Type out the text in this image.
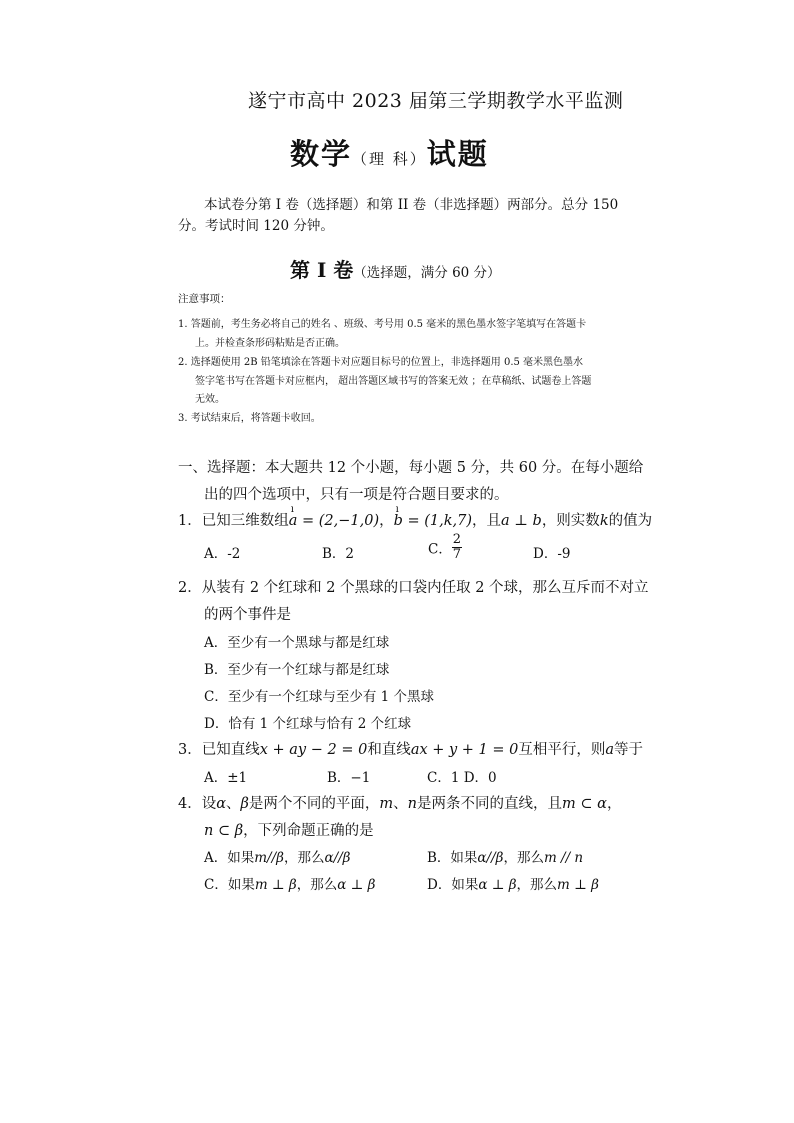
遂宁市高中 2023 届第三学期教学水平监测
数学（理 科）试题
本试卷分第 I 卷（选择题）和第 II 卷（非选择题）两部分。总分 150
分。考试时间 120 分钟。
第 I 卷（选择题，满分 60 分）
注意事项：
1. 答题前，考生务必将自己的姓名 、班级、考号用 0.5 毫米的黑色墨水签字笔填写在答题卡
上。并检查条形码粘贴是否正确。
2. 选择题使用 2B 铅笔填涂在答题卡对应题目标号的位置上，非选择题用 0.5 毫米黑色墨水
签字笔书写在答题卡对应框内， 超出答题区域书写的答案无效 ；在草稿纸、试题卷上答题
无效。
3. 考试结束后，将答题卡收回。
一、选择题：本大题共 12 个小题，每小题 5 分，共 60 分。在每小题给
出的四个选项中，只有一项是符合题目要求的。
1．已知三维数组ı a = (2,−1,0)，ı b = (1,k,7)，且a ⊥ b，则实数k的值为
A．-2	B．2	C． $\frac{2}{7}$	D．-9
2．从装有 2 个红球和 2 个黑球的口袋内任取 2 个球，那么互斥而不对立
的两个事件是
A．至少有一个黑球与都是红球
B．至少有一个红球与都是红球
C．至少有一个红球与至少有 1 个黑球
D．恰有 1 个红球与恰有 2 个红球
3．已知直线x + ay − 2 = 0和直线ax + y + 1 = 0互相平行，则a等于
A．±1	B．−1	C．1 D．0
4．设α、β是两个不同的平面，m、n是两条不同的直线，且m ⊂ α，
n ⊂ β，下列命题正确的是
A．如果m//β，那么α//β	B．如果α//β，那么m // n
C．如果m ⊥ β，那么α ⊥ β	D．如果α ⊥ β，那么m ⊥ β
